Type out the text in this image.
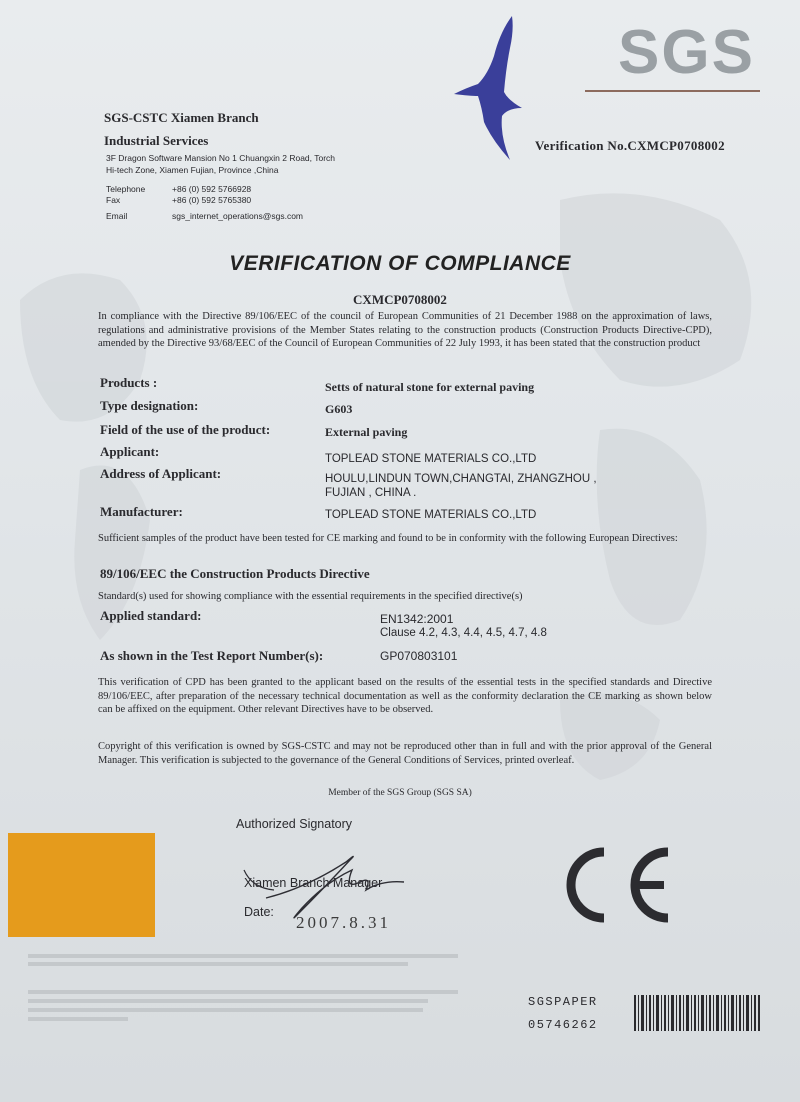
SGS
SGS-CSTC Xiamen Branch
Industrial Services
3F Dragon Software Mansion No 1 Chuangxin 2 Road, Torch
Hi-tech Zone, Xiamen Fujian, Province ,China
Telephone	+86 (0) 592 5766928
Fax	+86 (0) 592 5765380
Email	sgs_internet_operations@sgs.com
Verification No.CXMCP0708002
VERIFICATION OF COMPLIANCE
CXMCP0708002
In compliance with the Directive 89/106/EEC of the council of European Communities of 21 December 1988 on the approximation of laws, regulations and administrative provisions of the Member States relating to the construction products (Construction Products Directive-CPD), amended by the Directive 93/68/EEC of the Council of European Communities of 22 July 1993, it has been stated that the construction product
Products :	Setts of natural stone for external paving
Type designation:	G603
Field of the use of the product:	External paving
Applicant:	TOPLEAD STONE MATERIALS CO.,LTD
Address of Applicant:	HOULU,LINDUN TOWN,CHANGTAI, ZHANGZHOU ,
FUJIAN , CHINA .
Manufacturer:	TOPLEAD STONE MATERIALS CO.,LTD
Sufficient samples of the product have been tested for CE marking and found to be in conformity with the following European Directives:
89/106/EEC the Construction Products Directive
Standard(s) used for showing compliance with the essential requirements in the specified directive(s)
Applied standard:	EN1342:2001
Clause 4.2, 4.3, 4.4, 4.5, 4.7, 4.8
As shown in the Test Report Number(s):	GP070803101
This verification of CPD has been granted to the applicant based on the results of the essential tests in the specified standards and Directive 89/106/EEC, after preparation of the necessary technical documentation as well as the conformity declaration the CE marking as shown below can be affixed on the equipment. Other relevant Directives have to be observed.
Copyright of this verification is owned by SGS-CSTC and may not be reproduced other than in full and with the prior approval of the General Manager. This verification is subjected to the governance of the General Conditions of Services, printed overleaf.
Member of the SGS Group (SGS SA)
Authorized Signatory
Xiamen Branch Manager
Date:
2007.8.31
SGSPAPER
05746262
